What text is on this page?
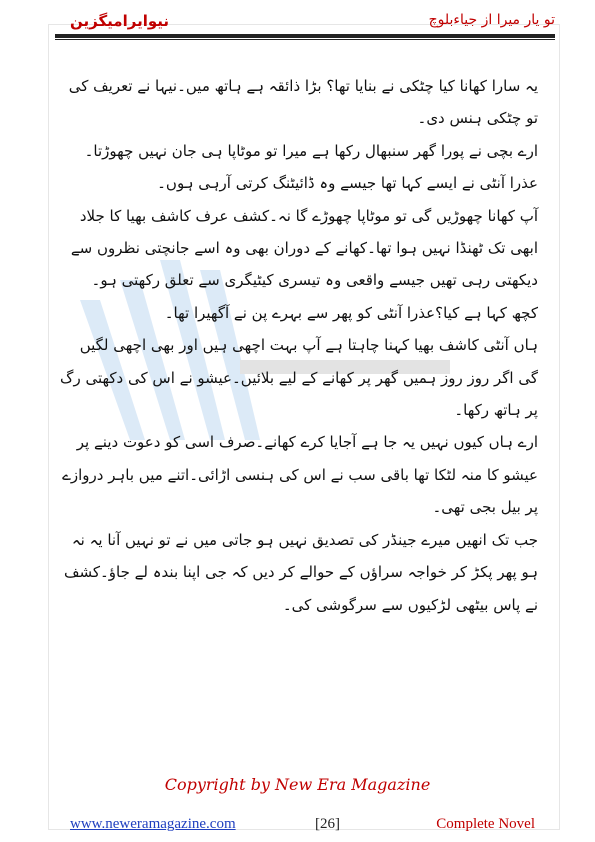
نیوایرامیگزین	تو یار میرا از جیاءبلوچ

یہ سارا کھانا کیا چٹکی نے بنایا تھا؟ بڑا ذائقہ ہے ہاتھ میں۔نیہا نے تعریف کی تو چٹکی ہنس دی۔

ارے بچی نے پورا گھر سنبھال رکھا ہے میرا تو موٹاپا ہی جان نہیں چھوڑتا۔عذرا آنٹی نے ایسے کہا تھا جیسے وہ ڈائیٹنگ کرتی آرہی ہوں۔

آپ کھانا چھوڑیں گی تو موٹاپا چھوڑے گا نہ۔کشف عرف کاشف بھیا کا جلاد ابھی تک ٹھنڈا نہیں ہوا تھا۔کھانے کے دوران بھی وہ اسے جانچتی نظروں سے دیکھتی رہی تھیں جیسے واقعی وہ تیسری کیٹیگری سے تعلق رکھتی ہو۔

کچھ کہا ہے کیا؟عذرا آنٹی کو پھر سے بہرے پن نے آگھیرا تھا۔

ہاں آنٹی کاشف بھیا کہنا چاہتا ہے آپ بہت اچھی ہیں اور بھی اچھی لگیں گی اگر روز روز ہمیں گھر پر کھانے کے لیے بلائیں۔عیشو نے اس کی دکھتی رگ پر ہاتھ رکھا۔

ارے ہاں کیوں نہیں یہ جا ہے آجایا کرے کھانے۔صرف اسی کو دعوت دینے پر عیشو کا منہ لٹکا تھا باقی سب نے اس کی ہنسی اڑائی۔اتنے میں باہر دروازے پر بیل بجی تھی۔

جب تک انھیں میرے جینڈر کی تصدیق نہیں ہو جاتی میں نے تو نہیں آنا یہ نہ ہو پھر پکڑ کر خواجہ سراؤں کے حوالے کر دیں کہ جی اپنا بندہ لے جاؤ۔کشف نے پاس بیٹھی لڑکیوں سے سرگوشی کی۔

Copyright by New Era Magazine
www.neweramagazine.com	[26]	Complete Novel
